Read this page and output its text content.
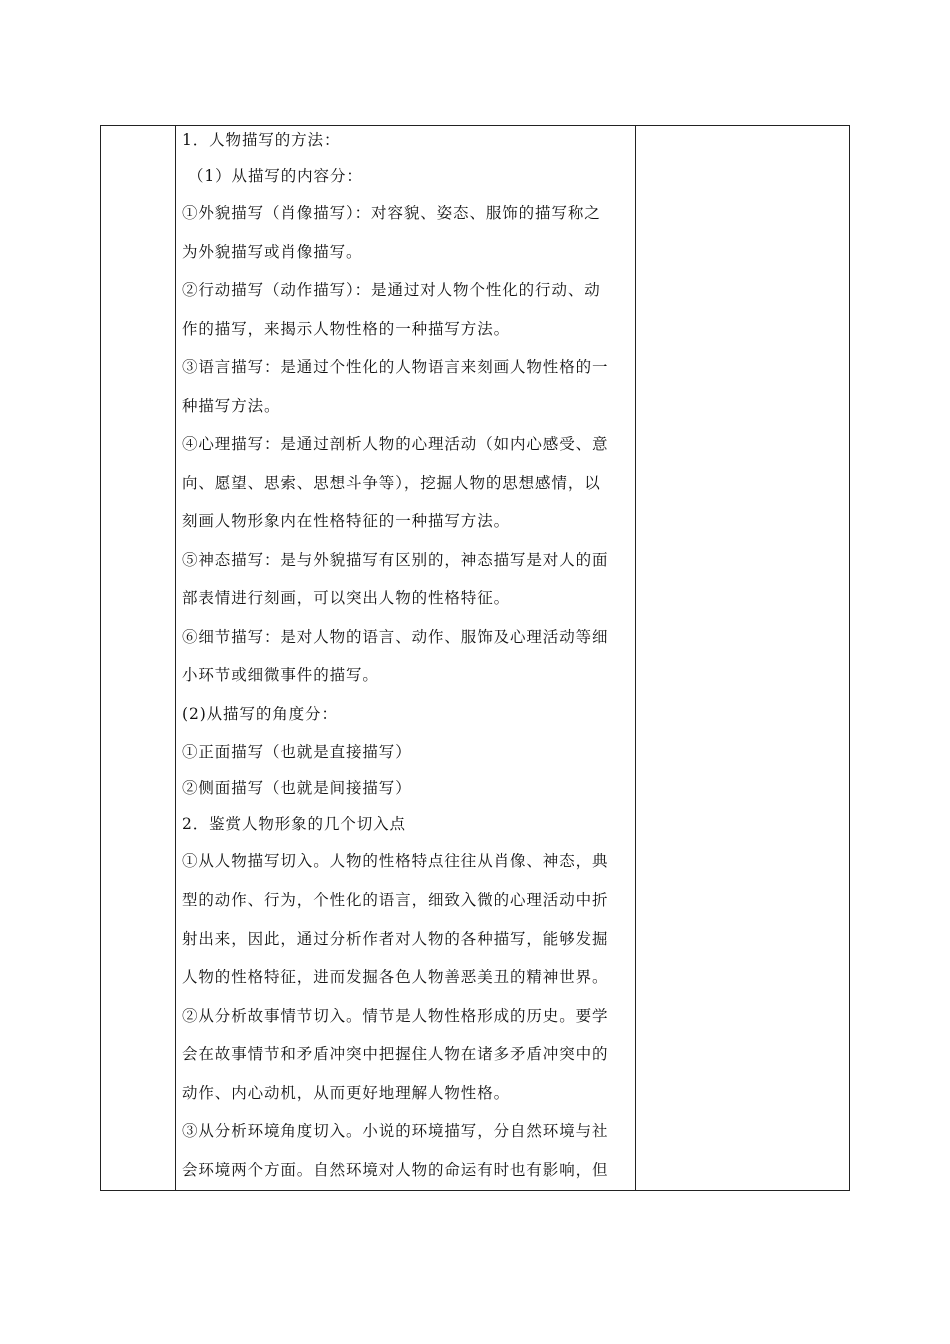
1．人物描写的方法：
（1）从描写的内容分：
①外貌描写（肖像描写）：对容貌、姿态、服饰的描写称之
为外貌描写或肖像描写。
②行动描写（动作描写）：是通过对人物个性化的行动、动
作的描写，来揭示人物性格的一种描写方法。
③语言描写：是通过个性化的人物语言来刻画人物性格的一
种描写方法。
④心理描写：是通过剖析人物的心理活动（如内心感受、意
向、愿望、思索、思想斗争等），挖掘人物的思想感情，以
刻画人物形象内在性格特征的一种描写方法。
⑤神态描写：是与外貌描写有区别的，神态描写是对人的面
部表情进行刻画，可以突出人物的性格特征。
⑥细节描写：是对人物的语言、动作、服饰及心理活动等细
小环节或细微事件的描写。
(2)从描写的角度分：
①正面描写（也就是直接描写）
②侧面描写（也就是间接描写）
2．鉴赏人物形象的几个切入点
①从人物描写切入。人物的性格特点往往从肖像、神态，典
型的动作、行为，个性化的语言，细致入微的心理活动中折
射出来，因此，通过分析作者对人物的各种描写，能够发掘
人物的性格特征，进而发掘各色人物善恶美丑的精神世界。
②从分析故事情节切入。情节是人物性格形成的历史。要学
会在故事情节和矛盾冲突中把握住人物在诸多矛盾冲突中的
动作、内心动机，从而更好地理解人物性格。
③从分析环境角度切入。小说的环境描写，分自然环境与社
会环境两个方面。自然环境对人物的命运有时也有影响，但
